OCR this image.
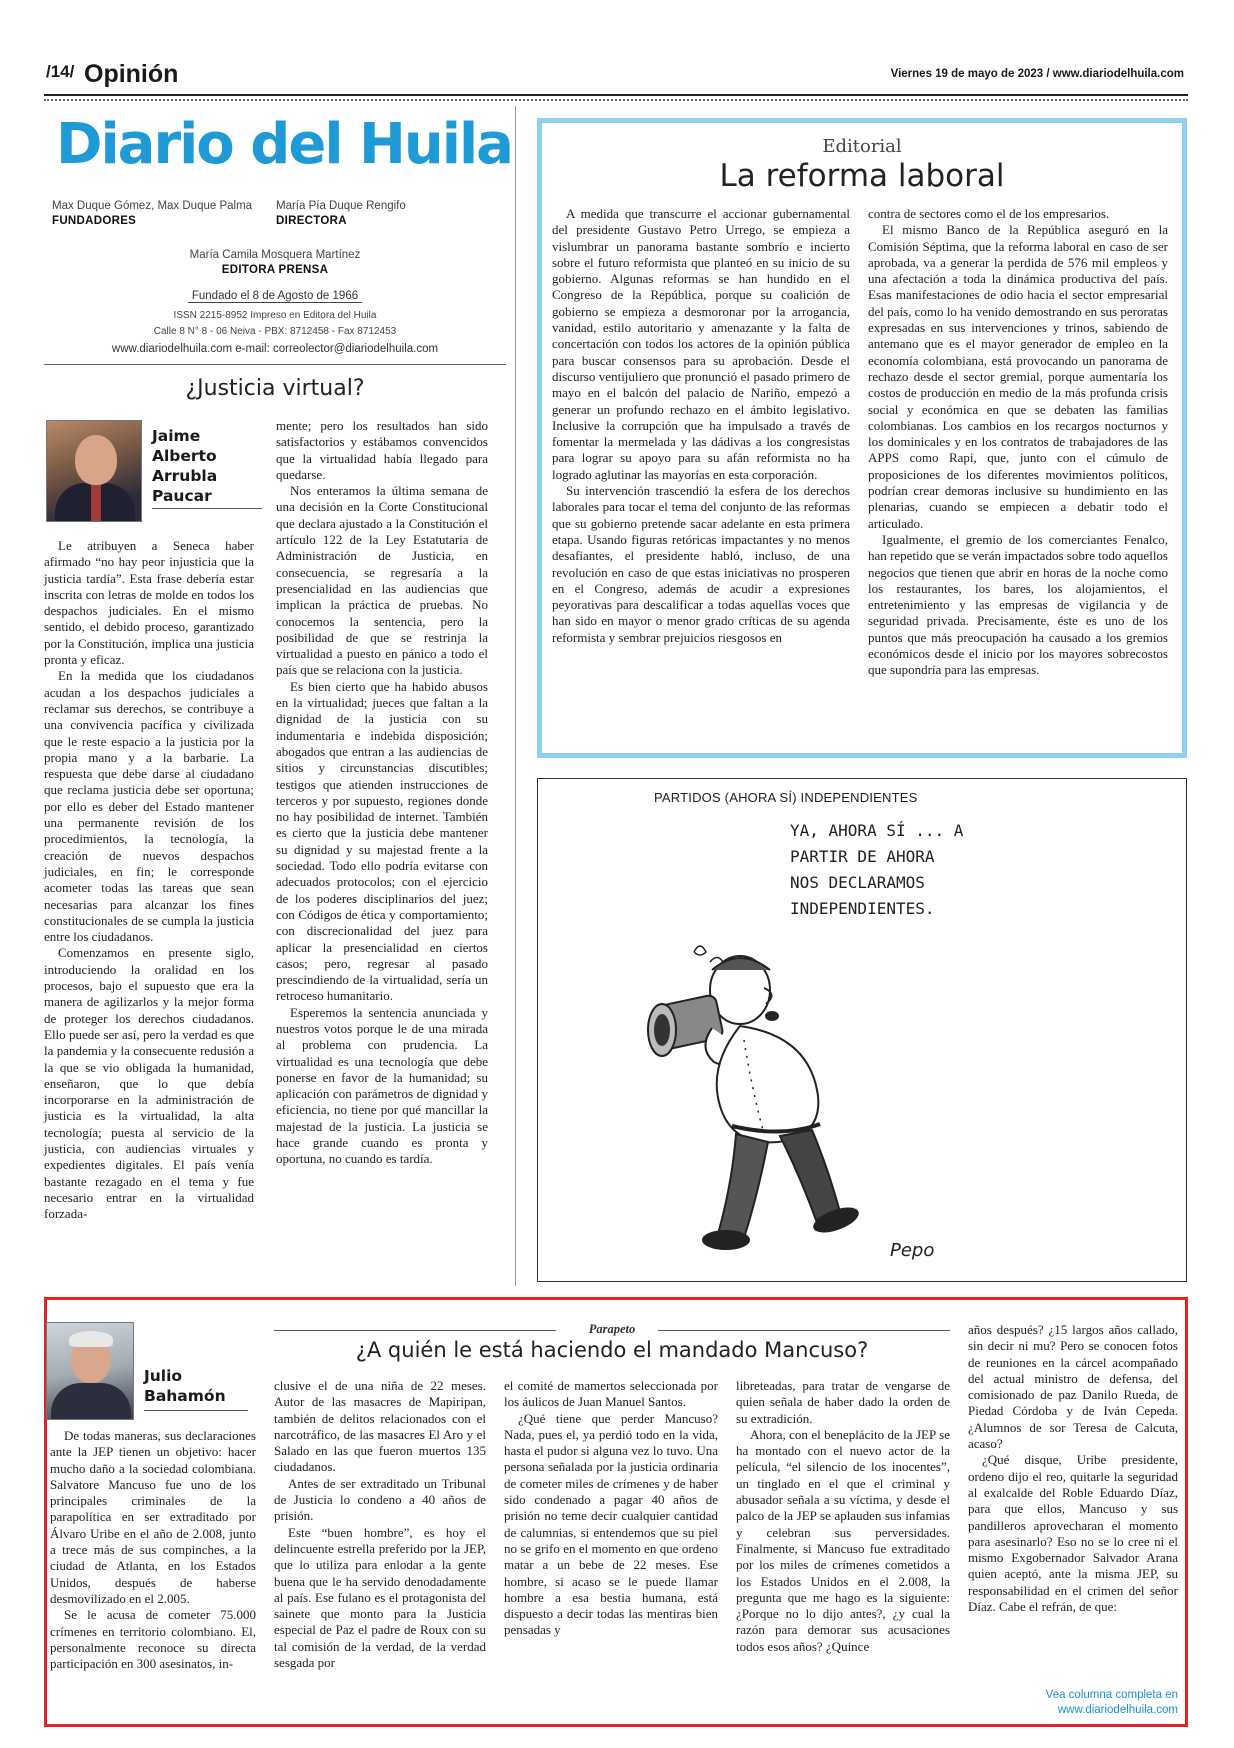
/14/ Opinión	Viernes 19 de mayo de 2023 / www.diariodelhuila.com
Diario del Huila
Max Duque Gómez, Max Duque Palma
FUNDADORES
María Pía Duque Rengifo
DIRECTORA
María Camila Mosquera Martínez
EDITORA PRENSA
Fundado el 8 de Agosto de 1966
ISSN 2215-8952 Impreso en Editora del Huila
Calle 8 N° 8 - 06 Neiva - PBX: 8712458 - Fax 8712453
www.diariodelhuila.com e-mail: correolector@diariodelhuila.com
¿Justicia virtual?
Jaime
Alberto
Arrubla
Paucar

Le atribuyen a Seneca haber afirmado “no hay peor injusticia que la justicia tardía”. Esta frase debería estar inscrita con letras de molde en todos los despachos judiciales. En el mismo sentido, el debido proceso, garantizado por la Constitución, implica una justicia pronta y eficaz.

En la medida que los ciudadanos acudan a los despachos judiciales a reclamar sus derechos, se contribuye a una convivencia pacífica y civilizada que le reste espacio a la justicia por la propia mano y a la barbarie. La respuesta que debe darse al ciudadano que reclama justicia debe ser oportuna; por ello es deber del Estado mantener una permanente revisión de los procedimientos, la tecnología, la creación de nuevos despachos judiciales, en fin; le corresponde acometer todas las tareas que sean necesarias para alcanzar los fines constitucionales de se cumpla la justicia entre los ciudadanos.

Comenzamos en presente siglo, introduciendo la oralidad en los procesos, bajo el supuesto que era la manera de agilizarlos y la mejor forma de proteger los derechos ciudadanos. Ello puede ser así, pero la verdad es que la pandemia y la consecuente redusión a la que se vio obligada la humanidad, enseñaron, que lo que debía incorporarse en la administración de justicia es la virtualidad, la alta tecnología; puesta al servicio de la justicia, con audiencias virtuales y expedientes digitales. El país venía bastante rezagado en el tema y fue necesario entrar en la virtualidad forzada-

mente; pero los resultados han sido satisfactorios y estábamos convencidos que la virtualidad había llegado para quedarse.

Nos enteramos la última semana de una decisión en la Corte Constitucional que declara ajustado a la Constitución el artículo 122 de la Ley Estatutaria de Administración de Justicia, en consecuencia, se regresaría a la presencialidad en las audiencias que implican la práctica de pruebas. No conocemos la sentencia, pero la posibilidad de que se restrinja la virtualidad a puesto en pánico a todo el país que se relaciona con la justicia.

Es bien cierto que ha habido abusos en la virtualidad; jueces que faltan a la dignidad de la justicia con su indumentaria e indebida disposición; abogados que entran a las audiencias de sitios y circunstancias discutibles; testigos que atienden instrucciones de terceros y por supuesto, regiones donde no hay posibilidad de internet. También es cierto que la justicia debe mantener su dignidad y su majestad frente a la sociedad. Todo ello podría evitarse con adecuados protocolos; con el ejercicio de los poderes disciplinarios del juez; con Códigos de ética y comportamiento; con discrecionalidad del juez para aplicar la presencialidad en ciertos casos; pero, regresar al pasado prescindiendo de la virtualidad, sería un retroceso humanitario.

Esperemos la sentencia anunciada y nuestros votos porque le de una mirada al problema con prudencia. La virtualidad es una tecnología que debe ponerse en favor de la humanidad; su aplicación con parámetros de dignidad y eficiencia, no tiene por qué mancillar la majestad de la justicia. La justicia se hace grande cuando es pronta y oportuna, no cuando es tardía.

Editorial
La reforma laboral

A medida que transcurre el accionar gubernamental del presidente Gustavo Petro Urrego, se empieza a vislumbrar un panorama bastante sombrío e incierto sobre el futuro reformista que planteó en su inicio de su gobierno. Algunas reformas se han hundido en el Congreso de la República, porque su coalición de gobierno se empieza a desmoronar por la arrogancia, vanidad, estilo autoritario y amenazante y la falta de concertación con todos los actores de la opinión pública para buscar consensos para su aprobación. Desde el discurso ventijuliero que pronunció el pasado primero de mayo en el balcón del palacio de Nariño, empezó a generar un profundo rechazo en el ámbito legislativo. Inclusive la corrupción que ha impulsado a través de fomentar la mermelada y las dádivas a los congresistas para lograr su apoyo para su afán reformista no ha logrado aglutinar las mayorías en esta corporación.

Su intervención trascendió la esfera de los derechos laborales para tocar el tema del conjunto de las reformas que su gobierno pretende sacar adelante en esta primera etapa. Usando figuras retóricas impactantes y no menos desafiantes, el presidente habló, incluso, de una revolución en caso de que estas iniciativas no prosperen en el Congreso, además de acudir a expresiones peyorativas para descalificar a todas aquellas voces que han sido en mayor o menor grado críticas de su agenda reformista y sembrar prejuicios riesgosos en

contra de sectores como el de los empresarios.

El mismo Banco de la República aseguró en la Comisión Séptima, que la reforma laboral en caso de ser aprobada, va a generar la perdida de 576 mil empleos y una afectación a toda la dinámica productiva del país. Esas manifestaciones de odio hacia el sector empresarial del país, como lo ha venido demostrando en sus peroratas expresadas en sus intervenciones y trinos, sabiendo de antemano que es el mayor generador de empleo en la economía colombiana, está provocando un panorama de rechazo desde el sector gremial, porque aumentaría los costos de producción en medio de la más profunda crisis social y económica en que se debaten las familias colombianas. Los cambios en los recargos nocturnos y los dominicales y en los contratos de trabajadores de las APPS como Rapi, que, junto con el cúmulo de proposiciones de los diferentes movimientos políticos, podrían crear demoras inclusive su hundimiento en las plenarias, cuando se empiecen a debatir todo el articulado.

Igualmente, el gremio de los comerciantes Fenalco, han repetido que se verán impactados sobre todo aquellos negocios que tienen que abrir en horas de la noche como los restaurantes, los bares, los alojamientos, el entretenimiento y las empresas de vigilancia y de seguridad privada. Precisamente, éste es uno de los puntos que más preocupación ha causado a los gremios económicos desde el inicio por los mayores sobrecostos que supondría para las empresas.

PARTIDOS (AHORA SÍ) INDEPENDIENTES
YA, AHORA SÍ ... A
PARTIR DE AHORA
NOS DECLARAMOS
INDEPENDIENTES.
Pepo
Parapeto
¿A quién le está haciendo el mandado Mancuso?
Julio
Bahamón

De todas maneras, sus declaraciones ante la JEP tienen un objetivo: hacer mucho daño a la sociedad colombiana. Salvatore Mancuso fue uno de los principales criminales de la parapolítica en ser extraditado por Álvaro Uribe en el año de 2.008, junto a trece más de sus compinches, a la ciudad de Atlanta, en los Estados Unidos, después de haberse desmovilizado en el 2.005.

Se le acusa de cometer 75.000 crímenes en territorio colombiano. El, personalmente reconoce su directa participación en 300 asesinatos, in-

clusive el de una niña de 22 meses. Autor de las masacres de Mapiripan, también de delitos relacionados con el narcotráfico, de las masacres El Aro y el Salado en las que fueron muertos 135 ciudadanos.

Antes de ser extraditado un Tribunal de Justicia lo condeno a 40 años de prisión.

Este “buen hombre”, es hoy el delincuente estrella preferido por la JEP, que lo utiliza para enlodar a la gente buena que le ha servido denodadamente al país. Ese fulano es el protagonista del sainete que monto para la Justicia especial de Paz el padre de Roux con su tal comisión de la verdad, de la verdad sesgada por

el comité de mamertos seleccionada por los áulicos de Juan Manuel Santos.

¿Qué tiene que perder Mancuso? Nada, pues el, ya perdió todo en la vida, hasta el pudor si alguna vez lo tuvo. Una persona señalada por la justicia ordinaria de cometer miles de crímenes y de haber sido condenado a pagar 40 años de prisión no teme decir cualquier cantidad de calumnias, si entendemos que su piel no se grifo en el momento en que ordeno matar a un bebe de 22 meses. Ese hombre, si acaso se le puede llamar hombre a esa bestia humana, está dispuesto a decir todas las mentiras bien pensadas y

libreteadas, para tratar de vengarse de quien señala de haber dado la orden de su extradición.

Ahora, con el beneplácito de la JEP se ha montado con el nuevo actor de la película, “el silencio de los inocentes”, un tinglado en el que el criminal y abusador señala a su víctima, y desde el palco de la JEP se aplauden sus infamias y celebran sus perversidades. Finalmente, si Mancuso fue extraditado por los miles de crímenes cometidos a los Estados Unidos en el 2.008, la pregunta que me hago es la siguiente: ¿Porque no lo dijo antes?, ¿y cual la razón para demorar sus acusaciones todos esos años? ¿Quince

años después? ¿15 largos años callado, sin decir ni mu? Pero se conocen fotos de reuniones en la cárcel acompañado del actual ministro de defensa, del comisionado de paz Danilo Rueda, de Piedad Córdoba y de Iván Cepeda. ¿Alumnos de sor Teresa de Calcuta, acaso?

¿Qué disque, Uribe presidente, ordeno dijo el reo, quitarle la seguridad al exalcalde del Roble Eduardo Díaz, para que ellos, Mancuso y sus pandilleros aprovecharan el momento para asesinarlo? Eso no se lo cree ni el mismo Exgobernador Salvador Arana quien aceptó, ante la misma JEP, su responsabilidad en el crimen del señor Díaz. Cabe el refrán, de que:

Vea columna completa en
www.diariodelhuila.com
